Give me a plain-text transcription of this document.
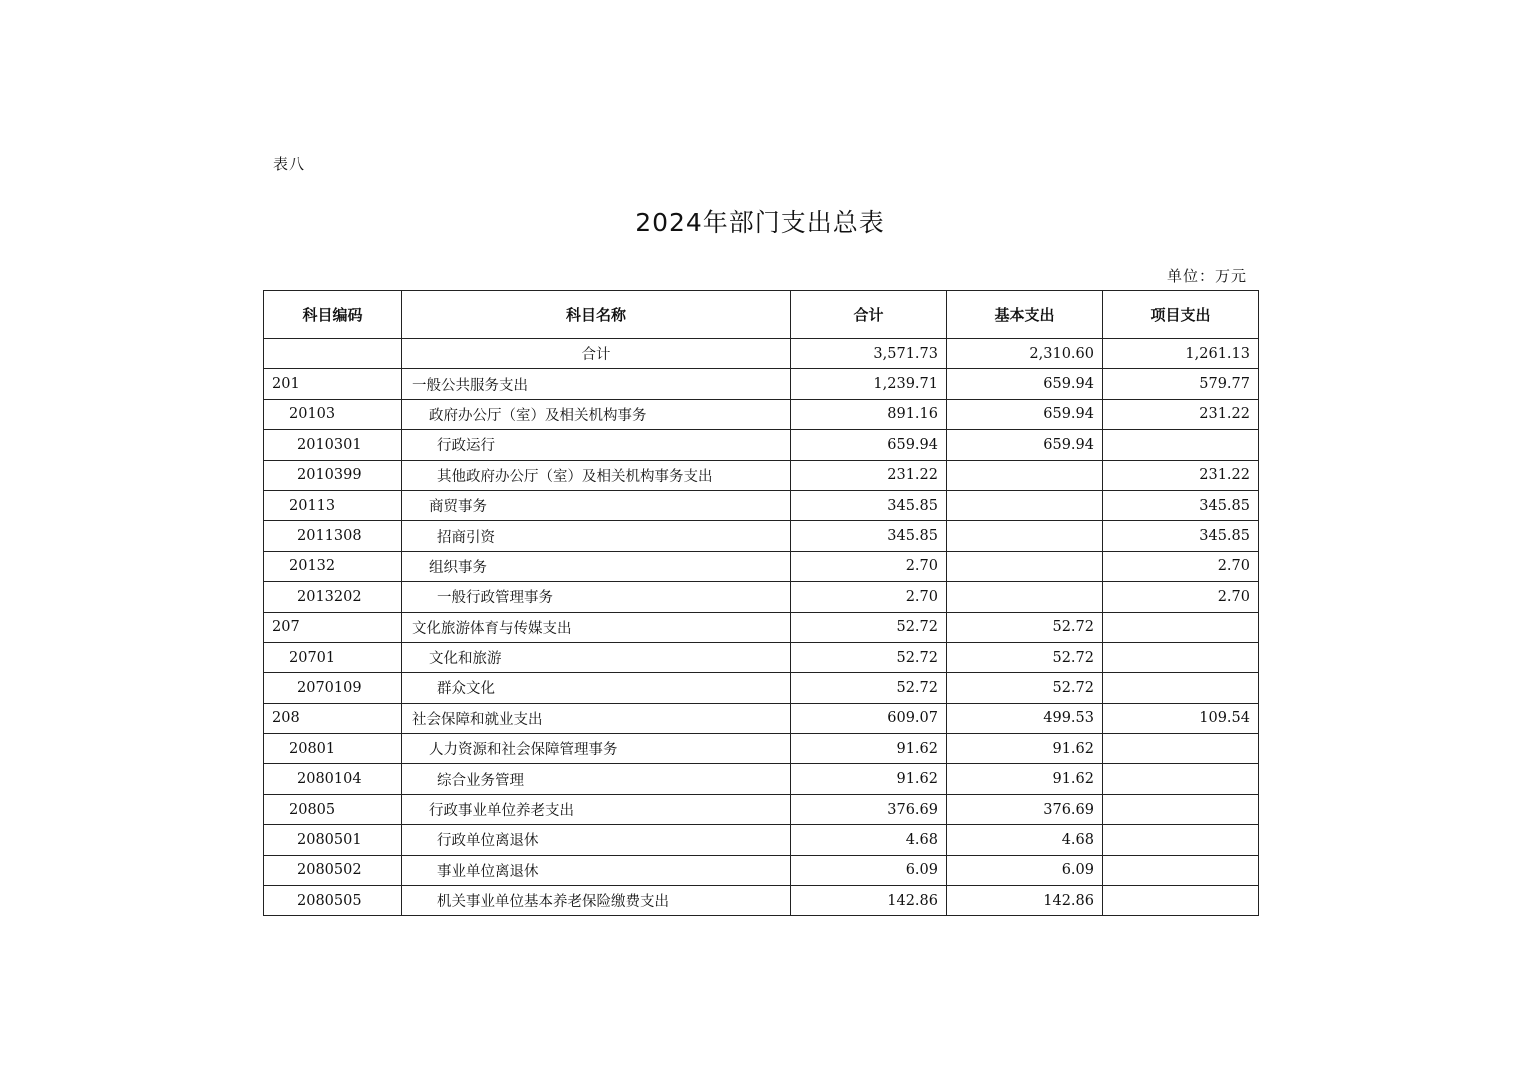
表八
2024年部门支出总表
单位：万元
科目编码	科目名称	合计	基本支出	项目支出
	合计	3,571.73	2,310.60	1,261.13
201	一般公共服务支出	1,239.71	659.94	579.77
20103	政府办公厅（室）及相关机构事务	891.16	659.94	231.22
2010301	行政运行	659.94	659.94	
2010399	其他政府办公厅（室）及相关机构事务支出	231.22		231.22
20113	商贸事务	345.85		345.85
2011308	招商引资	345.85		345.85
20132	组织事务	2.70		2.70
2013202	一般行政管理事务	2.70		2.70
207	文化旅游体育与传媒支出	52.72	52.72	
20701	文化和旅游	52.72	52.72	
2070109	群众文化	52.72	52.72	
208	社会保障和就业支出	609.07	499.53	109.54
20801	人力资源和社会保障管理事务	91.62	91.62	
2080104	综合业务管理	91.62	91.62	
20805	行政事业单位养老支出	376.69	376.69	
2080501	行政单位离退休	4.68	4.68	
2080502	事业单位离退休	6.09	6.09	
2080505	机关事业单位基本养老保险缴费支出	142.86	142.86	
